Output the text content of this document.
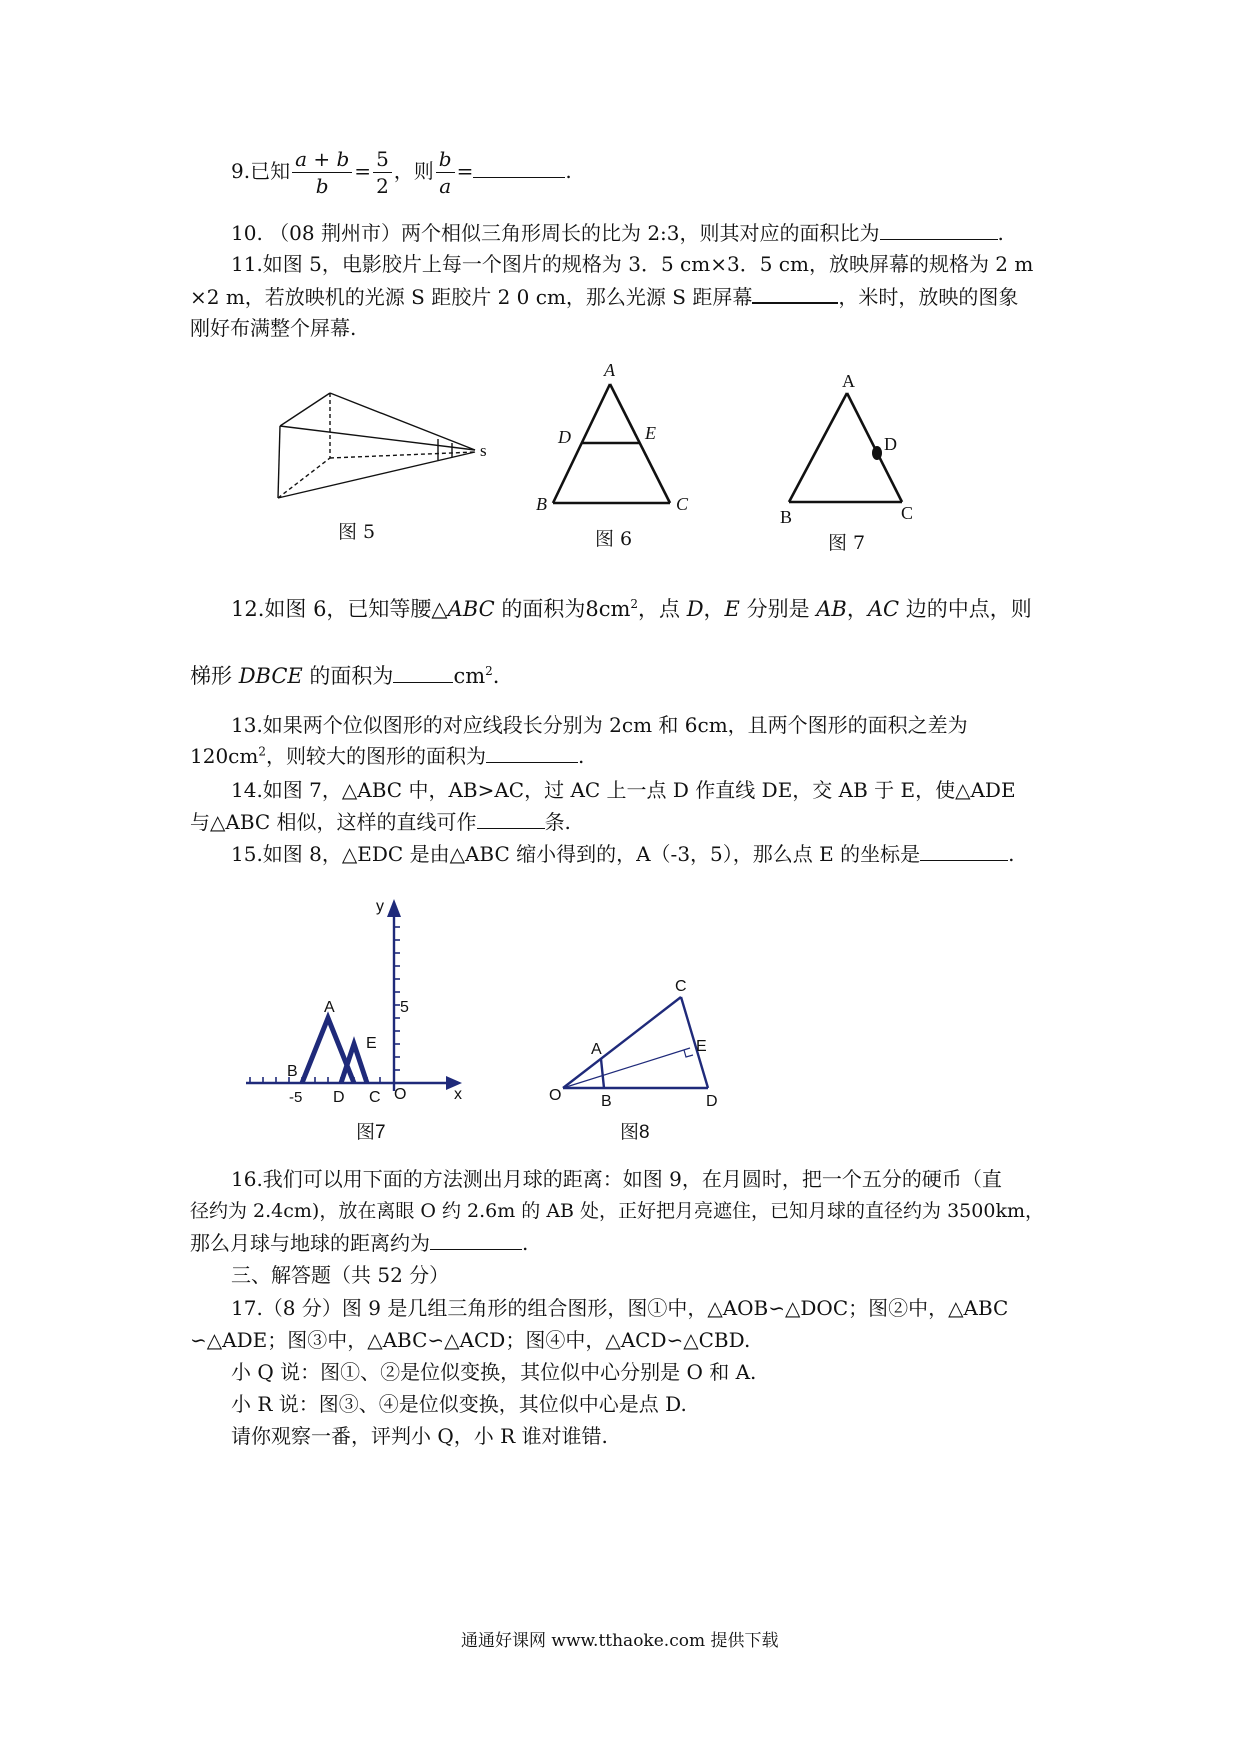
9.已知 $\frac{a + b}{b} = \frac{5}{2}$ ，则 $\frac{b}{a}$ =	.
10. （08 荆州市）两个相似三角形周长的比为 2:3，则其对应的面积比为	.
11.如图 5，电影胶片上每一个图片的规格为 3．5 cm×3．5 cm，放映屏幕的规格为 2 m
×2 m，若放映机的光源 S 距胶片 2 0 cm，那么光源 S 距屏幕	，米时，放映的图象
刚好布满整个屏幕.
s
图 5
A
D	E
B	C
图 6
A
D
B	C
图 7
12.如图 6，已知等腰△ABC 的面积为$8cm^2$，点 D，E 分别是 AB，AC 边的中点，则
梯形 DBCE 的面积为	$cm^2$.
13.如果两个位似图形的对应线段长分别为 2cm 和 6cm，且两个图形的面积之差为
$120cm^2$，则较大的图形的面积为	.
14.如图 7，△ABC 中，AB>AC，过 AC 上一点 D 作直线 DE，交 AB 于 E，使△ADE
与△ABC 相似，这样的直线可作	条.
15.如图 8，△EDC 是由△ABC 缩小得到的，A（-3，5），那么点 E 的坐标是	.
y
x
5
-5
A
B
D C
E
O
图7
C
E
A
O B	D
图8
16.我们可以用下面的方法测出月球的距离：如图 9，在月圆时，把一个五分的硬币（直
径约为 2.4cm)，放在离眼 O 约 2.6m 的 AB 处，正好把月亮遮住，已知月球的直径约为 3500km，
那么月球与地球的距离约为	.
三、解答题（共 52 分）
17.（8 分）图 9 是几组三角形的组合图形，图①中，△AOB∽△DOC；图②中，△ABC
∽△ADE；图③中，△ABC∽△ACD；图④中，△ACD∽△CBD.
小 Q 说：图①、②是位似变换，其位似中心分别是 O 和 A.
小 R 说：图③、④是位似变换，其位似中心是点 D.
请你观察一番，评判小 Q，小 R 谁对谁错.
通通好课网 www.tthaoke.com 提供下载
